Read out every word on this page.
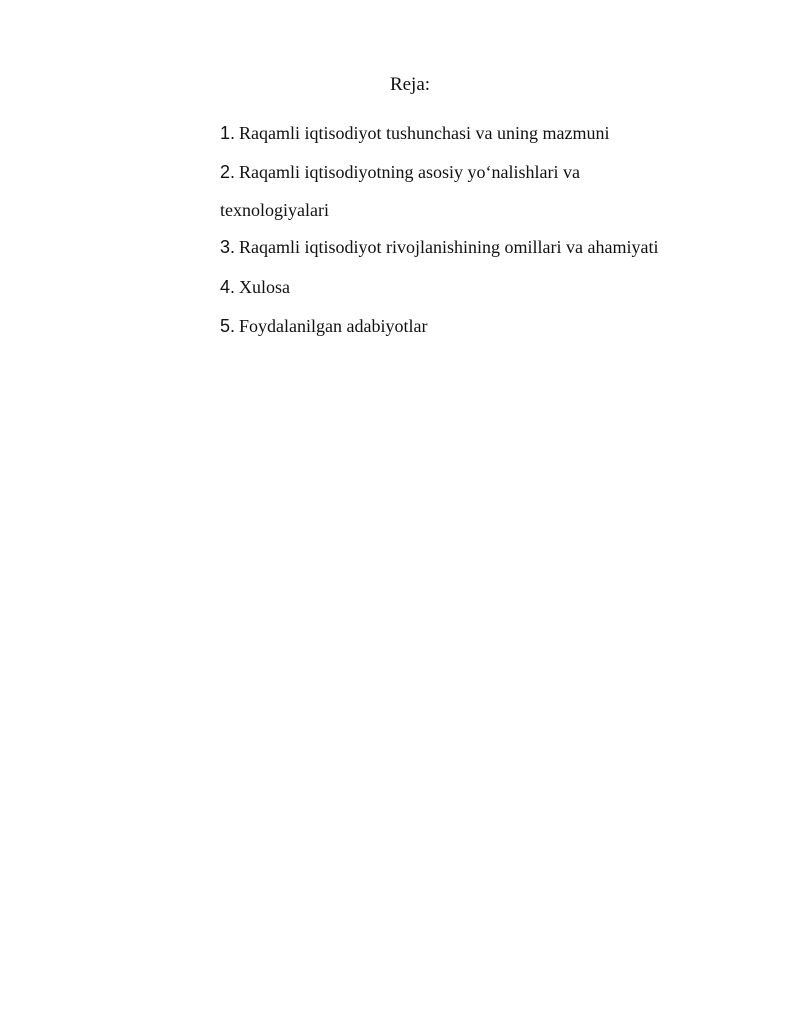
Reja:
1. Raqamli iqtisodiyot tushunchasi va uning mazmuni
2. Raqamli iqtisodiyotning asosiy yo‘nalishlari va texnologiyalari
3. Raqamli iqtisodiyot rivojlanishining omillari va ahamiyati
4. Xulosa
5. Foydalanilgan adabiyotlar
